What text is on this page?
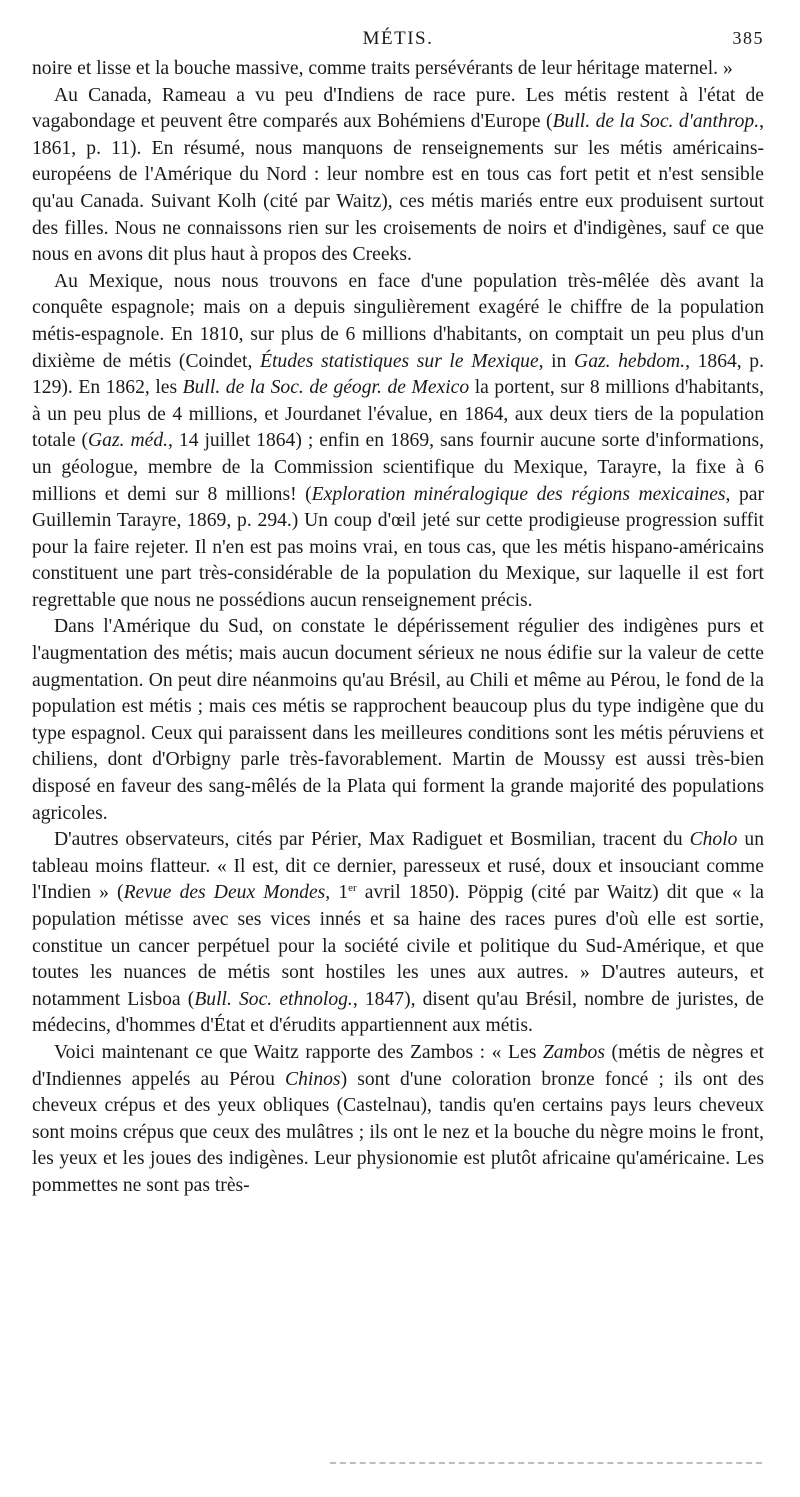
MÉTIS.	385

noire et lisse et la bouche massive, comme traits persévérants de leur héritage maternel. »

Au Canada, Rameau a vu peu d'Indiens de race pure. Les métis restent à l'état de vagabondage et peuvent être comparés aux Bohémiens d'Europe (Bull. de la Soc. d'anthrop., 1861, p. 11). En résumé, nous manquons de renseignements sur les métis américains-européens de l'Amérique du Nord : leur nombre est en tous cas fort petit et n'est sensible qu'au Canada. Suivant Kolh (cité par Waitz), ces métis mariés entre eux produisent surtout des filles. Nous ne connaissons rien sur les croisements de noirs et d'indigènes, sauf ce que nous en avons dit plus haut à propos des Creeks.

Au Mexique, nous nous trouvons en face d'une population très-mêlée dès avant la conquête espagnole; mais on a depuis singulièrement exagéré le chiffre de la population métis-espagnole. En 1810, sur plus de 6 millions d'habitants, on comptait un peu plus d'un dixième de métis (Coindet, Études statistiques sur le Mexique, in Gaz. hebdom., 1864, p. 129). En 1862, les Bull. de la Soc. de géogr. de Mexico la portent, sur 8 millions d'habitants, à un peu plus de 4 millions, et Jourdanet l'évalue, en 1864, aux deux tiers de la population totale (Gaz. méd., 14 juillet 1864) ; enfin en 1869, sans fournir aucune sorte d'informations, un géologue, membre de la Commission scientifique du Mexique, Tarayre, la fixe à 6 millions et demi sur 8 millions! (Exploration minéralogique des régions mexicaines, par Guillemin Tarayre, 1869, p. 294.) Un coup d'œil jeté sur cette prodigieuse progression suffit pour la faire rejeter. Il n'en est pas moins vrai, en tous cas, que les métis hispano-américains constituent une part très-considérable de la population du Mexique, sur laquelle il est fort regrettable que nous ne possédions aucun renseignement précis.

Dans l'Amérique du Sud, on constate le dépérissement régulier des indigènes purs et l'augmentation des métis; mais aucun document sérieux ne nous édifie sur la valeur de cette augmentation. On peut dire néanmoins qu'au Brésil, au Chili et même au Pérou, le fond de la population est métis ; mais ces métis se rapprochent beaucoup plus du type indigène que du type espagnol. Ceux qui paraissent dans les meilleures conditions sont les métis péruviens et chiliens, dont d'Orbigny parle très-favorablement. Martin de Moussy est aussi très-bien disposé en faveur des sang-mêlés de la Plata qui forment la grande majorité des populations agricoles.

D'autres observateurs, cités par Périer, Max Radiguet et Bosmilian, tracent du Cholo un tableau moins flatteur. « Il est, dit ce dernier, paresseux et rusé, doux et insouciant comme l'Indien » (Revue des Deux Mondes, 1er avril 1850). Pöppig (cité par Waitz) dit que « la population métisse avec ses vices innés et sa haine des races pures d'où elle est sortie, constitue un cancer perpétuel pour la société civile et politique du Sud-Amérique, et que toutes les nuances de métis sont hostiles les unes aux autres. » D'autres auteurs, et notamment Lisboa (Bull. Soc. ethnolog., 1847), disent qu'au Brésil, nombre de juristes, de médecins, d'hommes d'État et d'érudits appartiennent aux métis.

Voici maintenant ce que Waitz rapporte des Zambos : « Les Zambos (métis de nègres et d'Indiennes appelés au Pérou Chinos) sont d'une coloration bronze foncé ; ils ont des cheveux crépus et des yeux obliques (Castelnau), tandis qu'en certains pays leurs cheveux sont moins crépus que ceux des mulâtres ; ils ont le nez et la bouche du nègre moins le front, les yeux et les joues des indigènes. Leur physionomie est plutôt africaine qu'américaine. Les pommettes ne sont pas très-
